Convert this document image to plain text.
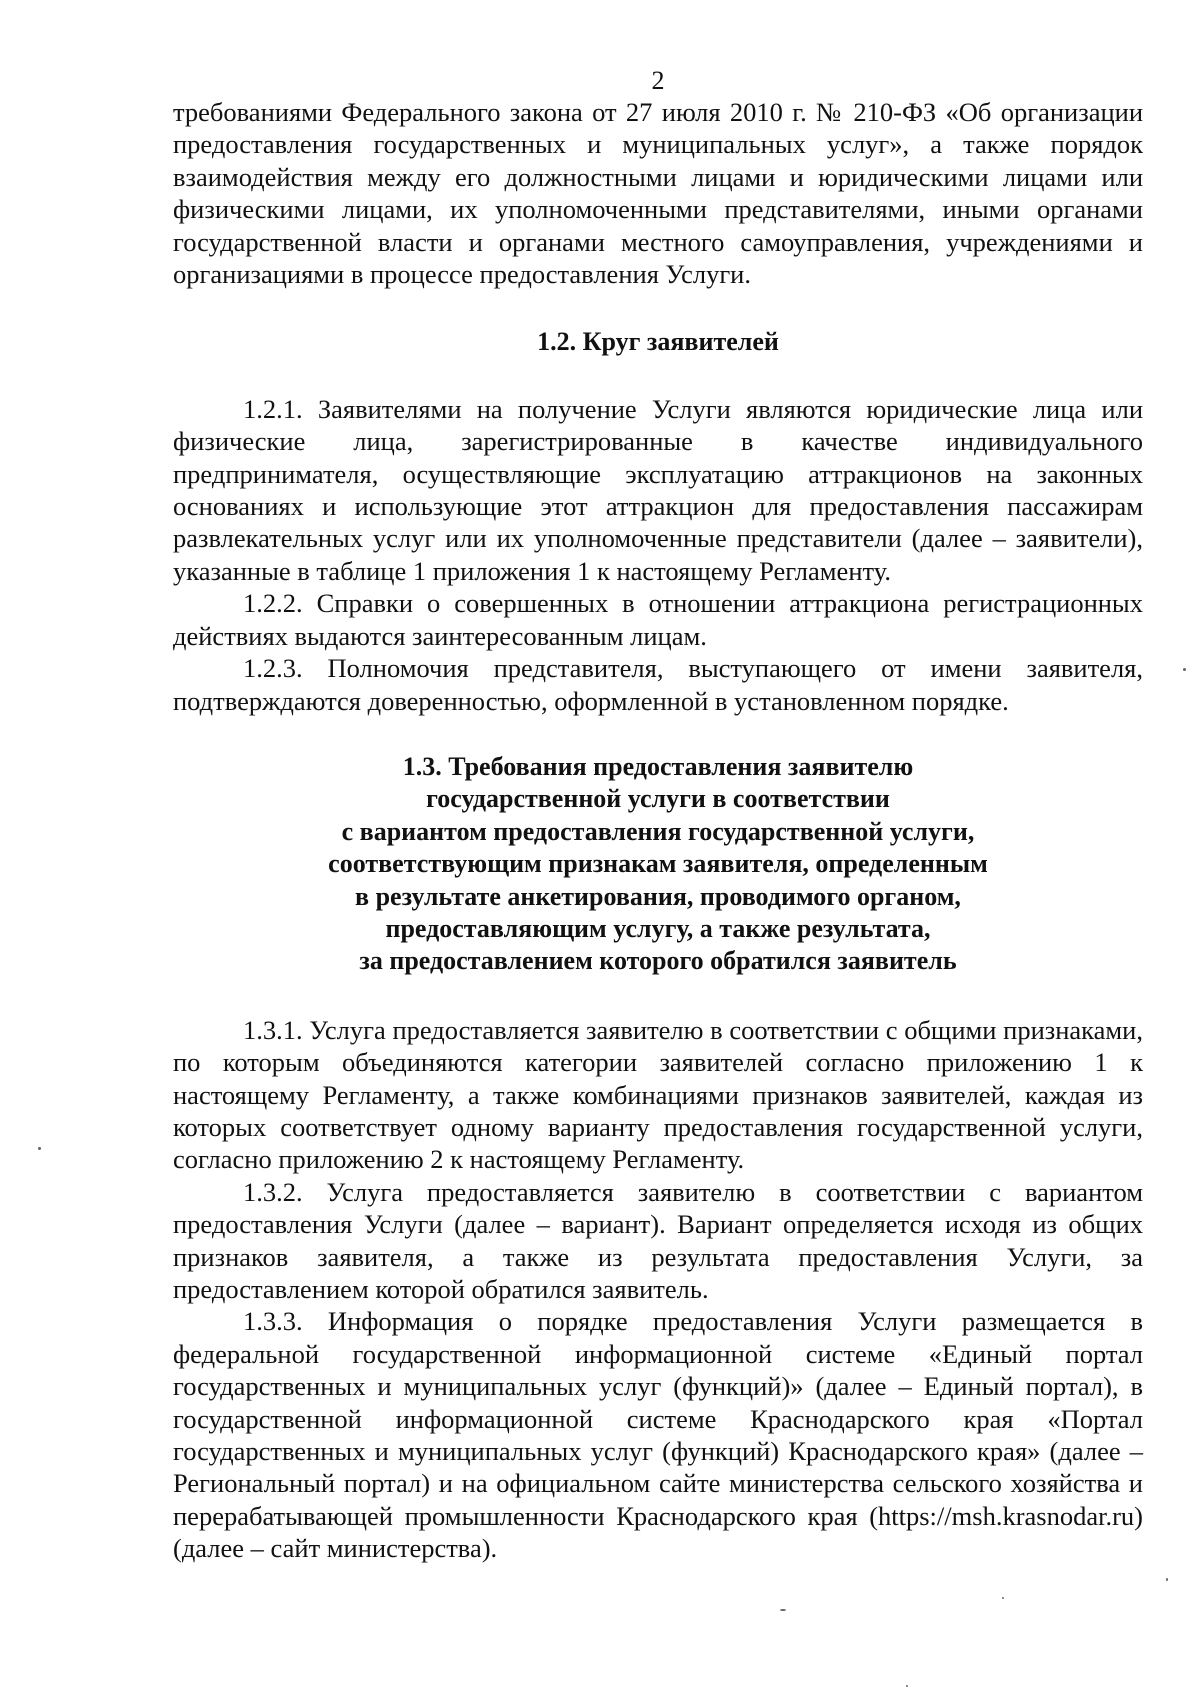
2

требованиями Федерального закона от 27 июля 2010 г. № 210-ФЗ «Об организации предоставления государственных и муниципальных услуг», а также порядок взаимодействия между его должностными лицами и юридическими лицами или физическими лицами, их уполномоченными представителями, иными органами государственной власти и органами местного самоуправления, учреждениями и организациями в процессе предоставления Услуги.

1.2. Круг заявителей

1.2.1. Заявителями на получение Услуги являются юридические лица или физические лица, зарегистрированные в качестве индивидуального предпринимателя, осуществляющие эксплуатацию аттракционов на законных основаниях и использующие этот аттракцион для предоставления пассажирам развлекательных услуг или их уполномоченные представители (далее – заявители), указанные в таблице 1 приложения 1 к настоящему Регламенту.

1.2.2. Справки о совершенных в отношении аттракциона регистрационных действиях выдаются заинтересованным лицам.

1.2.3. Полномочия представителя, выступающего от имени заявителя, подтверждаются доверенностью, оформленной в установленном порядке.

1.3. Требования предоставления заявителю
государственной услуги в соответствии
с вариантом предоставления государственной услуги,
соответствующим признакам заявителя, определенным
в результате анкетирования, проводимого органом,
предоставляющим услугу, а также результата,
за предоставлением которого обратился заявитель

1.3.1. Услуга предоставляется заявителю в соответствии с общими признаками, по которым объединяются категории заявителей согласно приложению 1 к настоящему Регламенту, а также комбинациями признаков заявителей, каждая из которых соответствует одному варианту предоставления государственной услуги, согласно приложению 2 к настоящему Регламенту.

1.3.2. Услуга предоставляется заявителю в соответствии с вариантом предоставления Услуги (далее – вариант). Вариант определяется исходя из общих признаков заявителя, а также из результата предоставления Услуги, за предоставлением которой обратился заявитель.

1.3.3. Информация о порядке предоставления Услуги размещается в федеральной государственной информационной системе «Единый портал государственных и муниципальных услуг (функций)» (далее – Единый портал), в государственной информационной системе Краснодарского края «Портал государственных и муниципальных услуг (функций) Краснодарского края» (далее – Региональный портал) и на официальном сайте министерства сельского хозяйства и перерабатывающей промышленности Краснодарского края (https://msh.krasnodar.ru) (далее – сайт министерства).
